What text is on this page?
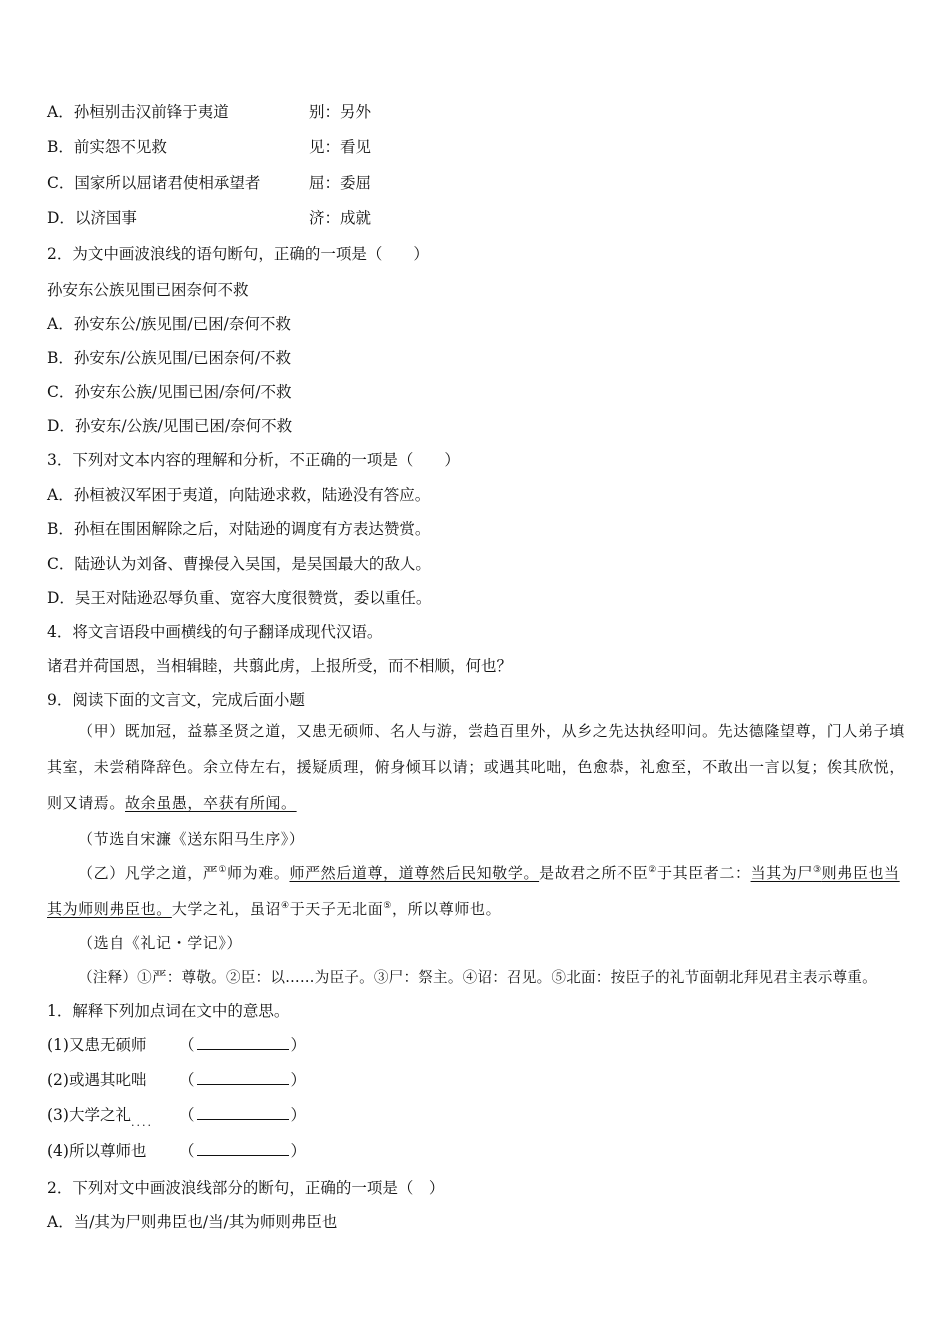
A．孙桓别击汉前锋于夷道	别：另外
B．前实怨不见救	见：看见
C．国家所以屈诸君使相承望者	屈：委屈
D．以济国事	济：成就
2．为文中画波浪线的语句断句，正确的一项是（　　）
孙安东公族见围已困奈何不救
A．孙安东公/族见围/已困/奈何不救
B．孙安东/公族见围/已困奈何/不救
C．孙安东公族/见围已困/奈何/不救
D．孙安东/公族/见围已困/奈何不救
3．下列对文本内容的理解和分析，不正确的一项是（　　）
A．孙桓被汉军困于夷道，向陆逊求救，陆逊没有答应。
B．孙桓在围困解除之后，对陆逊的调度有方表达赞赏。
C．陆逊认为刘备、曹操侵入吴国，是吴国最大的敌人。
D．吴王对陆逊忍辱负重、宽容大度很赞赏，委以重任。
4．将文言语段中画横线的句子翻译成现代汉语。
诸君并荷国恩，当相辑睦，共翦此虏，上报所受，而不相顺，何也？
9．阅读下面的文言文，完成后面小题
（甲）既加冠，益慕圣贤之道，又患无硕师、名人与游，尝趋百里外，从乡之先达执经叩问。先达德隆望尊，门人弟子填其室，未尝稍降辞色。余立侍左右，援疑质理，俯身倾耳以请；或遇其叱咄，色愈恭，礼愈至，不敢出一言以复；俟其欣悦，则又请焉。故余虽愚，卒获有所闻。
（节选自宋濂《送东阳马生序》）
（乙）凡学之道，严①师为难。师严然后道尊，道尊然后民知敬学。是故君之所不臣②于其臣者二：当其为尸③则弗臣也当其为师则弗臣也。大学之礼，虽诏④于天子无北面⑤，所以尊师也。
（选自《礼记・学记》）
（注释）①严：尊敬。②臣：以……为臣子。③尸：祭主。④诏：召见。⑤北面：按臣子的礼节面朝北拜见君主表示尊重。
1．解释下列加点词在文中的意思。
(1)又患无硕师 （	）
(2)或遇其叱咄 （	）
(3)大学之礼$_{....}$ （	）
(4)所以尊师也 （	）
2．下列对文中画波浪线部分的断句，正确的一项是（　）
A．当/其为尸则弗臣也/当/其为师则弗臣也
